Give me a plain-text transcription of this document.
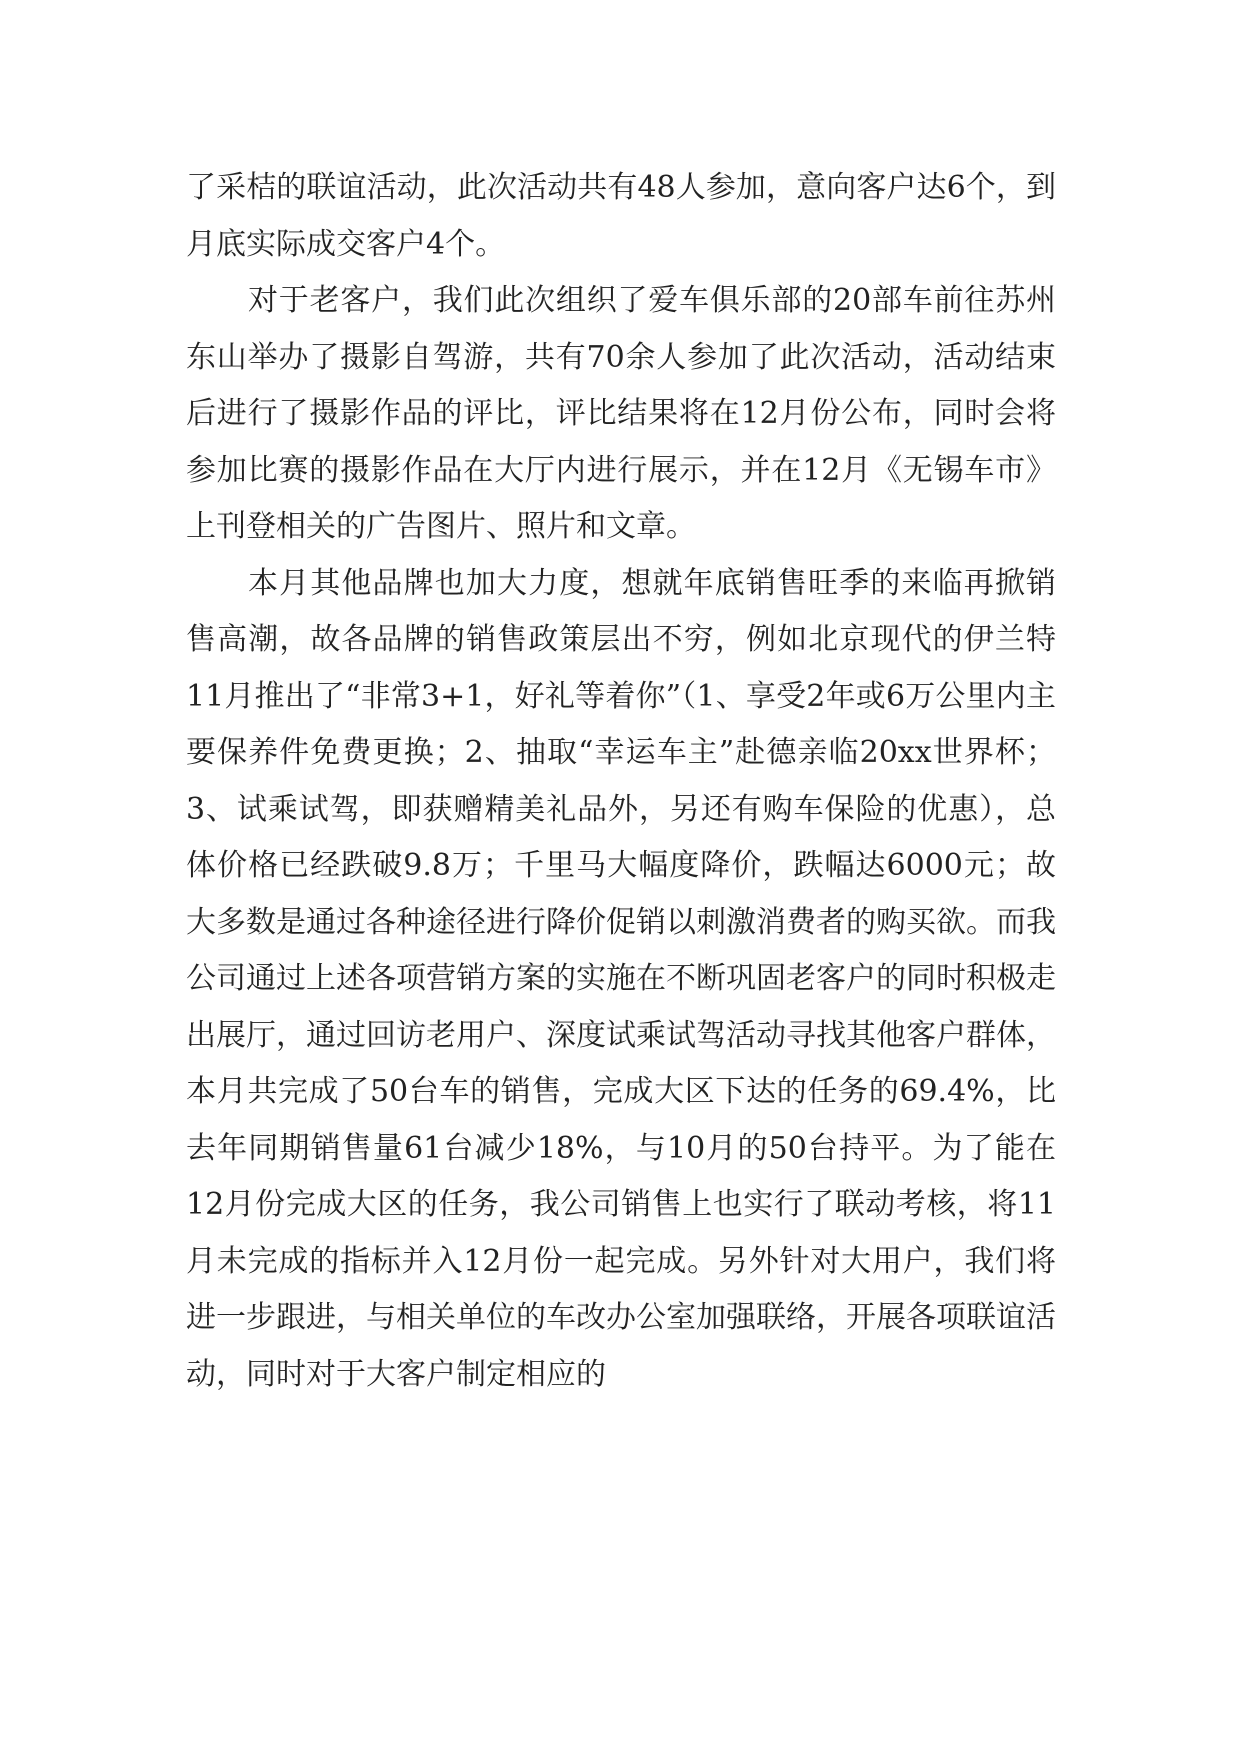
了采桔的联谊活动，此次活动共有48人参加，意向客户达6个，到月底实际成交客户4个。

对于老客户，我们此次组织了爱车俱乐部的20部车前往苏州东山举办了摄影自驾游，共有70余人参加了此次活动，活动结束后进行了摄影作品的评比，评比结果将在12月份公布，同时会将参加比赛的摄影作品在大厅内进行展示，并在12月《无锡车市》上刊登相关的广告图片、照片和文章。

本月其他品牌也加大力度，想就年底销售旺季的来临再掀销售高潮，故各品牌的销售政策层出不穷，例如北京现代的伊兰特11月推出了“非常3+1，好礼等着你”（1、享受2年或6万公里内主要保养件免费更换；2、抽取“幸运车主”赴德亲临20xx世界杯；3、试乘试驾，即获赠精美礼品外，另还有购车保险的优惠），总体价格已经跌破9.8万；千里马大幅度降价，跌幅达6000元；故大多数是通过各种途径进行降价促销以刺激消费者的购买欲。而我公司通过上述各项营销方案的实施在不断巩固老客户的同时积极走出展厅，通过回访老用户、深度试乘试驾活动寻找其他客户群体，本月共完成了50台车的销售，完成大区下达的任务的69.4%，比去年同期销售量61台减少18%，与10月的50台持平。为了能在12月份完成大区的任务，我公司销售上也实行了联动考核，将11月未完成的指标并入12月份一起完成。另外针对大用户，我们将进一步跟进，与相关单位的车改办公室加强联络，开展各项联谊活动，同时对于大客户制定相应的
